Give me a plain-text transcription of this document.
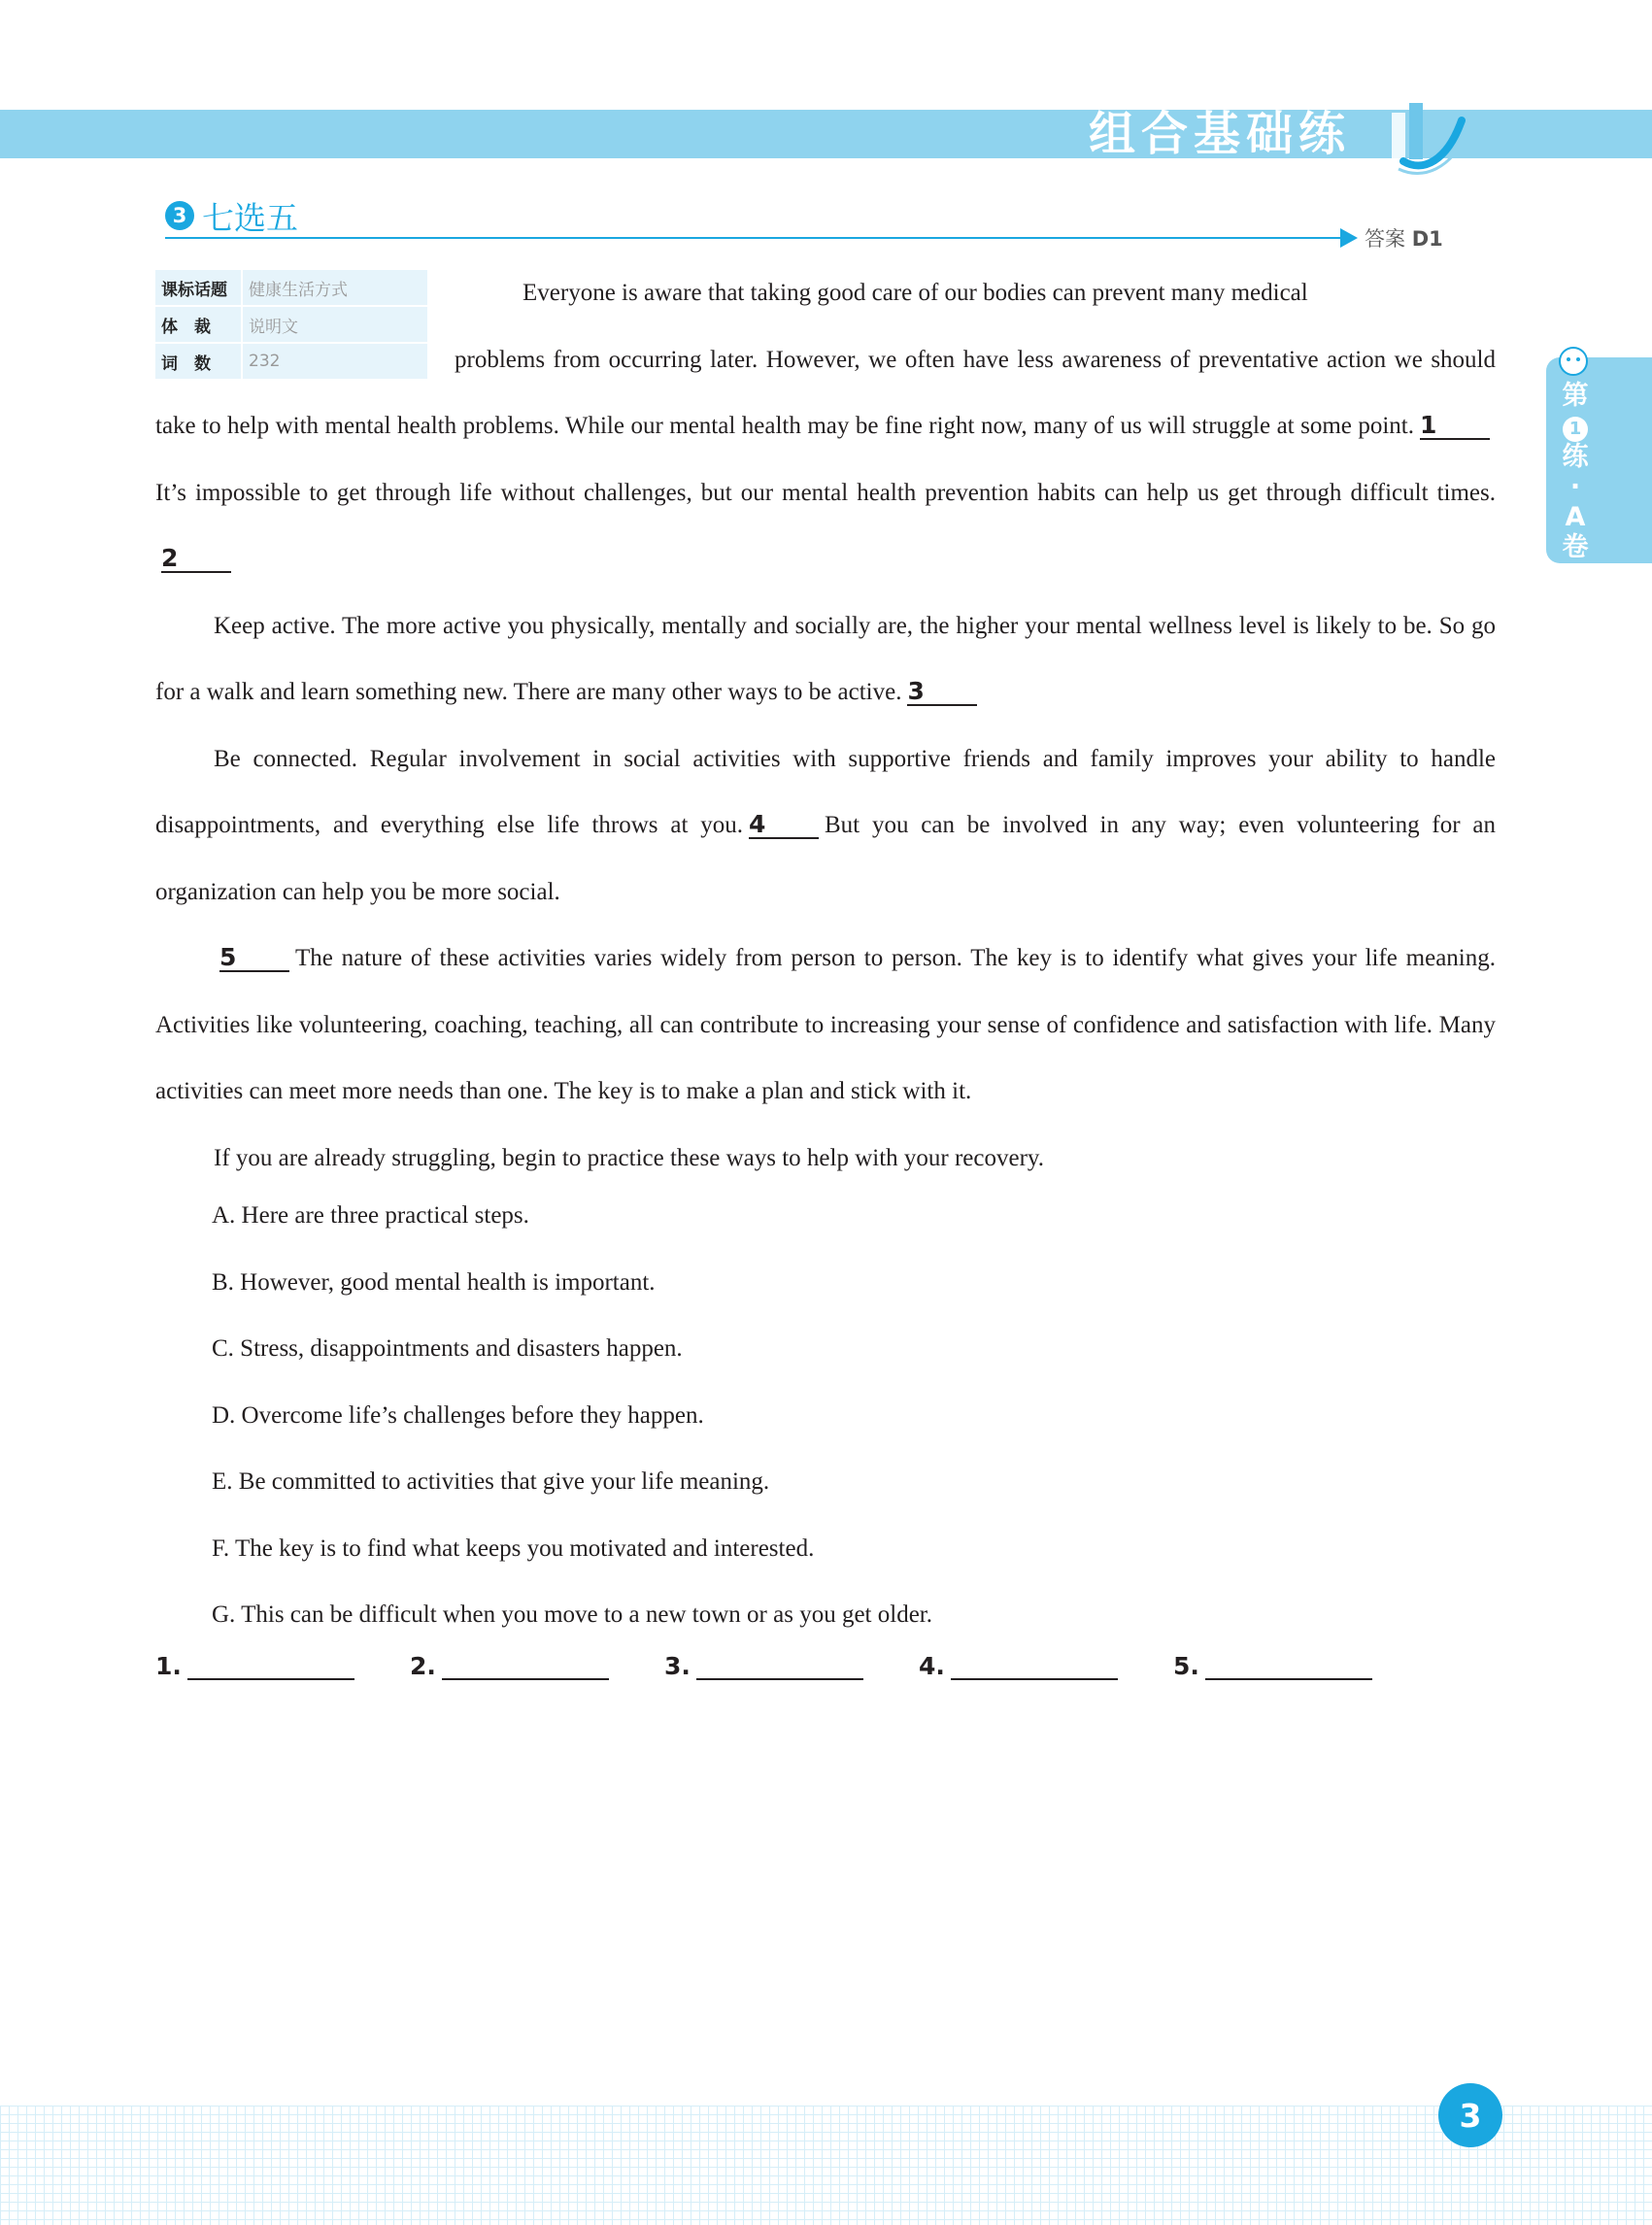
组合基础练
3 七选五
答案 D1
课标话题	健康生活方式
体　裁	说明文
词　数	232
第
1
练
·
A
卷

Everyone is aware that taking good care of our bodies can prevent many medical

problems from occurring later. However, we often have less awareness of preventative action we should take to help with mental health problems. While our mental health may be fine right now, many of us will struggle at some point. 1It’s impossible to get through life without challenges, but our mental health prevention habits can help us get through difficult times.2

Keep active. The more active you physically, mentally and socially are, the higher your mental wellness level is likely to be. So go for a walk and learn something new. There are many other ways to be active. 3

Be connected. Regular involvement in social activities with supportive friends and family improves your ability to handle disappointments, and everything else life throws at you. 4 But you can be involved in any way; even volunteering for an organization can help you be more social.

5 The nature of these activities varies widely from person to person. The key is to identify what gives your life meaning. Activities like volunteering, coaching, teaching, all can contribute to increasing your sense of confidence and satisfaction with life. Many activities can meet more needs than one. The key is to make a plan and stick with it.

If you are already struggling, begin to practice these ways to help with your recovery.

A. Here are three practical steps.
B. However, good mental health is important.
C. Stress, disappointments and disasters happen.
D. Overcome life’s challenges before they happen.
E. Be committed to activities that give your life meaning.
F. The key is to find what keeps you motivated and interested.
G. This can be difficult when you move to a new town or as you get older.
1.	2.	3.	4.	5.
3
